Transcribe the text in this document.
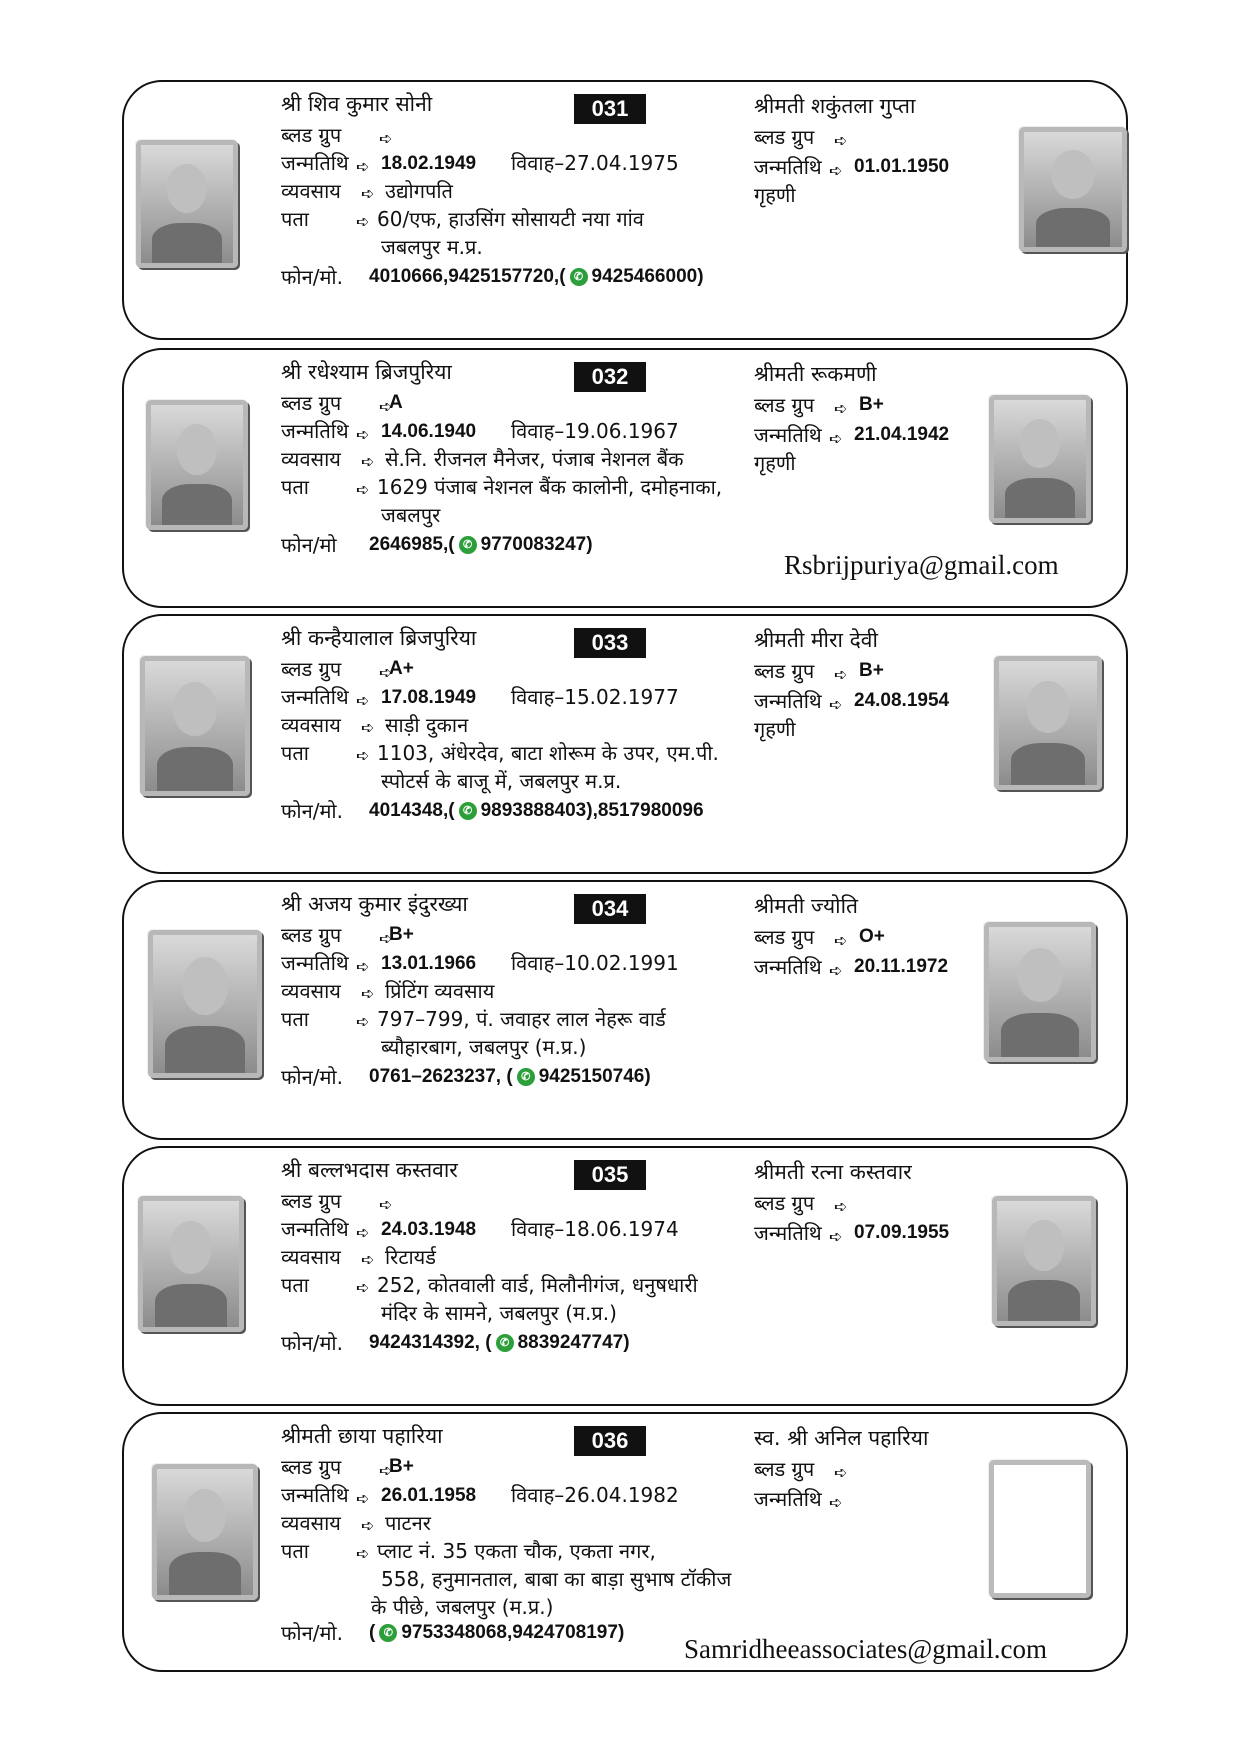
श्री शिव कुमार सोनी	031
ब्लड ग्रुप ➪
जन्मतिथि ➪ 18.02.1949 विवाह–27.04.1975
व्यवसाय ➪ उद्योगपति
पता	➪ 60/एफ, हाउसिंग सोसायटी नया गांव
जबलपुर म.प्र.
फोन/मो. 4010666,9425157720,( ✆ 9425466000)
श्रीमती शकुंतला गुप्ता
ब्लड ग्रुप ➪
जन्मतिथि ➪ 01.01.1950
गृहणी
श्री रधेश्याम ब्रिजपुरिया	032
ब्लड ग्रुप ➪
A
जन्मतिथि ➪ 14.06.1940 विवाह–19.06.1967
व्यवसाय ➪ से.नि. रीजनल मैनेजर, पंजाब नेशनल बैंक
पता	➪ 1629 पंजाब नेशनल बैंक कालोनी, दमोहनाका,
जबलपुर
फोन/मो 2646985,( ✆ 9770083247)
श्रीमती रूकमणी
ब्लड ग्रुप ➪ B+
जन्मतिथि ➪ 21.04.1942
गृहणी
Rsbrijpuriya@gmail.com
श्री कन्हैयालाल ब्रिजपुरिया	033
ब्लड ग्रुप ➪
A+
जन्मतिथि ➪ 17.08.1949 विवाह–15.02.1977
व्यवसाय ➪ साड़ी दुकान
पता	➪ 1103, अंधेरदेव, बाटा शोरूम के उपर, एम.पी.
स्पोटर्स के बाजू में, जबलपुर म.प्र.
फोन/मो. 4014348,( ✆ 9893888403),8517980096
श्रीमती मीरा देवी
ब्लड ग्रुप ➪ B+
जन्मतिथि ➪ 24.08.1954
गृहणी
श्री अजय कुमार इंदुरख्या	034
ब्लड ग्रुप ➪
B+
जन्मतिथि ➪ 13.01.1966 विवाह–10.02.1991
व्यवसाय ➪ प्रिंटिंग व्यवसाय
पता	➪ 797–799, पं. जवाहर लाल नेहरू वार्ड
ब्यौहारबाग, जबलपुर (म.प्र.)
फोन/मो. 0761–2623237, ( ✆ 9425150746)
श्रीमती ज्योति
ब्लड ग्रुप ➪ O+
जन्मतिथि ➪ 20.11.1972
श्री बल्लभदास कस्तवार	035
ब्लड ग्रुप ➪
जन्मतिथि ➪ 24.03.1948 विवाह–18.06.1974
व्यवसाय ➪ रिटायर्ड
पता	➪ 252, कोतवाली वार्ड, मिलौनीगंज, धनुषधारी
मंदिर के सामने, जबलपुर (म.प्र.)
फोन/मो. 9424314392, ( ✆ 8839247747)
श्रीमती रत्ना कस्तवार
ब्लड ग्रुप ➪
जन्मतिथि ➪ 07.09.1955
श्रीमती छाया पहारिया	036
ब्लड ग्रुप ➪
B+
जन्मतिथि ➪ 26.01.1958 विवाह–26.04.1982
व्यवसाय ➪ पाटनर
पता	➪ प्लाट नं. 35 एकता चौक, एकता नगर,
558, हनुमानताल, बाबा का बाड़ा सुभाष टॉकीज
के पीछे, जबलपुर (म.प्र.)
फोन/मो. ( ✆ 9753348068,9424708197)
स्व. श्री अनिल पहारिया
ब्लड ग्रुप ➪
जन्मतिथि ➪
Samridheeassociates@gmail.com
